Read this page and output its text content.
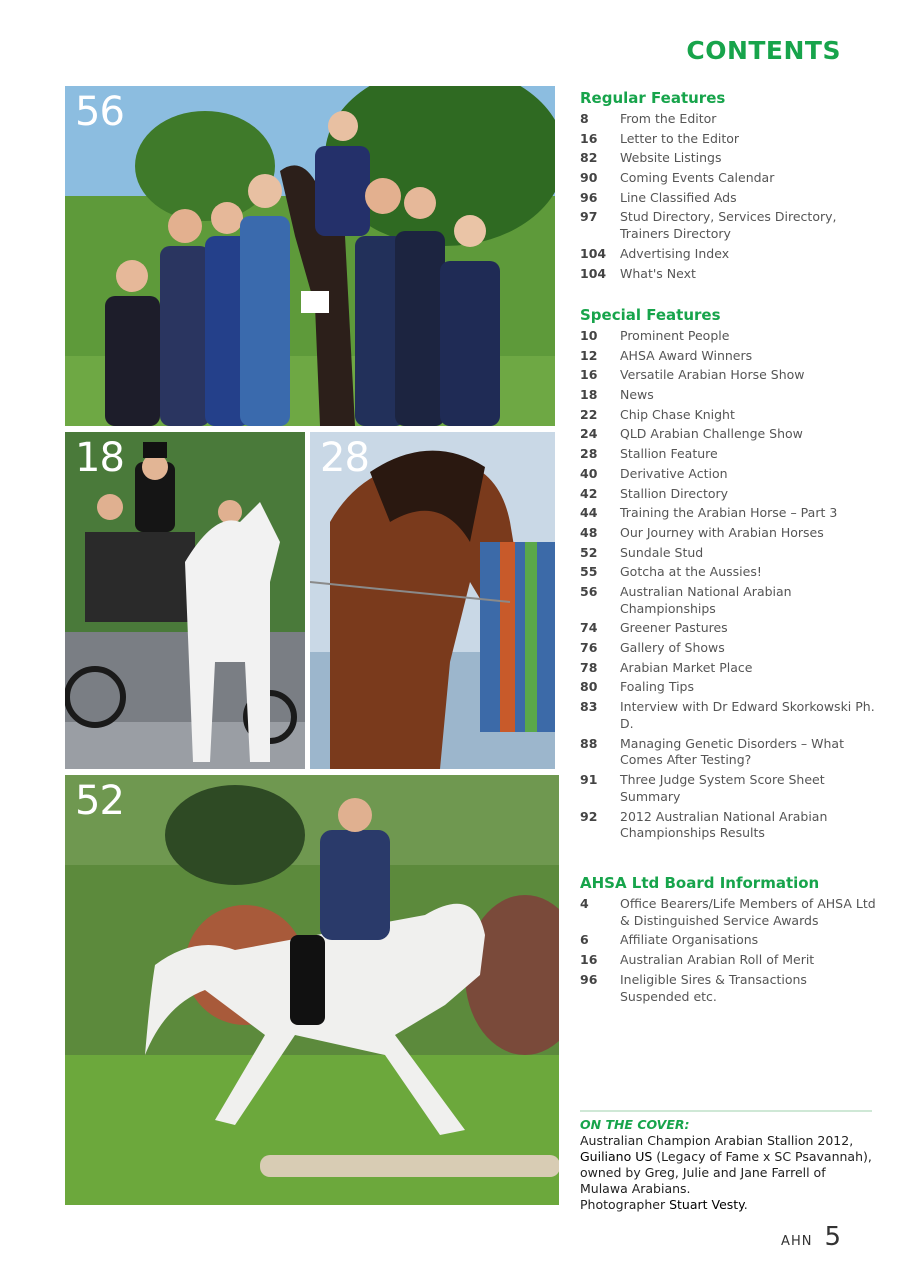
CONTENTS
56
18	28
52
Regular Features
8	From the Editor
16	Letter to the Editor
82	Website Listings
90	Coming Events Calendar
96	Line Classified Ads
97	Stud Directory, Services Directory, Trainers Directory
104	Advertising Index
104	What's Next
Special Features
10	Prominent People
12	AHSA Award Winners
16	Versatile Arabian Horse Show
18	News
22	Chip Chase Knight
24	QLD Arabian Challenge Show
28	Stallion Feature
40	Derivative Action
42	Stallion Directory
44	Training the Arabian Horse – Part 3
48	Our Journey with Arabian Horses
52	Sundale Stud
55	Gotcha at the Aussies!
56	Australian National Arabian Championships
74	Greener Pastures
76	Gallery of Shows
78	Arabian Market Place
80	Foaling Tips
83	Interview with Dr Edward Skorkowski Ph. D.
88	Managing Genetic Disorders – What Comes After Testing?
91	Three Judge System Score Sheet Summary
92	2012 Australian National Arabian Championships Results
AHSA Ltd Board Information
4	Office Bearers/Life Members of AHSA Ltd & Distinguished Service Awards
6	Affiliate Organisations
16	Australian Arabian Roll of Merit
96	Ineligible Sires & Transactions Suspended etc.
ON THE COVER:
Australian Champion Arabian Stallion 2012,
Guiliano US (Legacy of Fame x SC Psavannah), owned by Greg, Julie and Jane Farrell of Mulawa Arabians.
Photographer Stuart Vesty.
AHN 5
